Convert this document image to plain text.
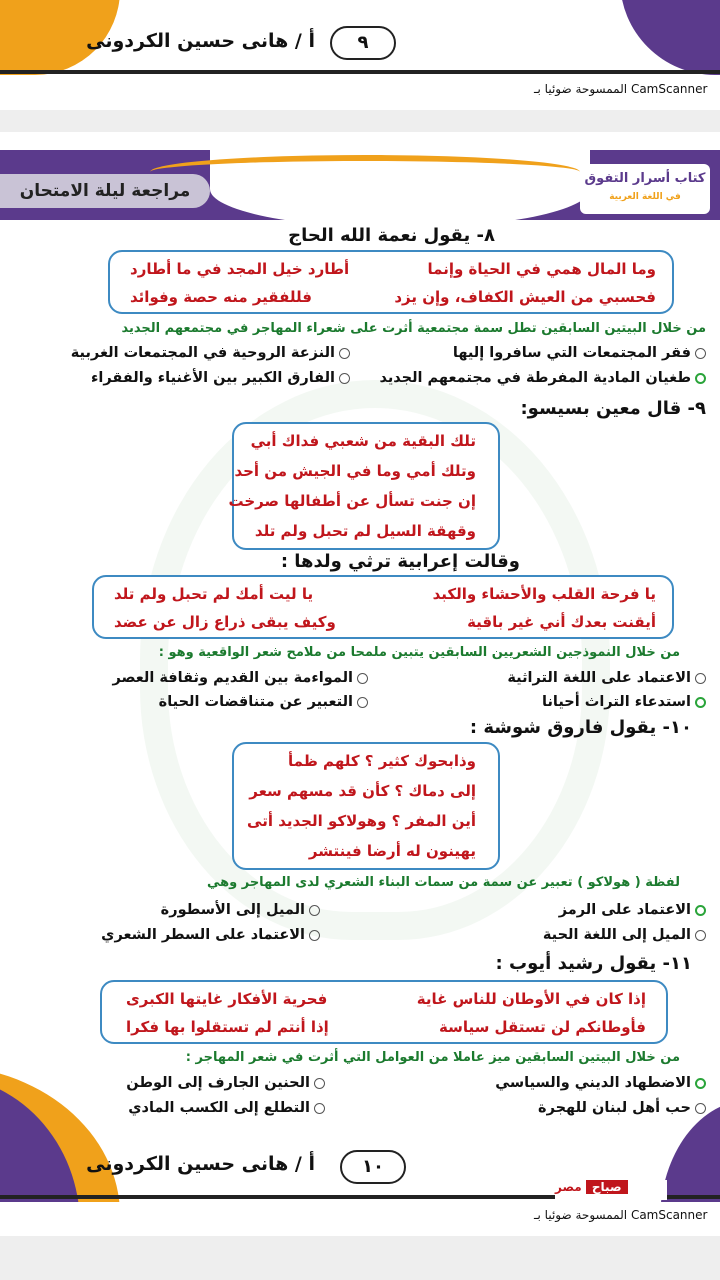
أ / هانى حسين الكردونى	٩
الممسوحة ضوئيا بـ CamScanner
مراجعة ليلة الامتحان
كتاب أسرار التفوق
في اللغة العربية
٨- يقول نعمة الله الحاج
وما المال همي في الحياة وإنما
أطارد خيل المجد في ما أطارد
فحسبي من العيش الكفاف، وإن يزد
فللفقير منه حصة وفوائد
من خلال البيتين السابقين تطل سمة مجتمعية أثرت على شعراء المهاجر في مجتمعهم الجديد
فقر المجتمعات التي سافروا إليها
النزعة الروحية في المجتمعات الغربية
طغيان المادية المفرطة في مجتمعهم الجديد
الفارق الكبير بين الأغنياء والفقراء
٩- قال معين بسيسو:
تلك البقية من شعبي فداك أبي
وتلك أمي وما في الجيش من أحد
إن جنت تسأل عن أطفالها صرخت
وقهقة السيل لم تحبل ولم تلد
وقالت إعرابية ترثي ولدها :
يا فرحة القلب والأحشاء والكبد
يا ليت أمك لم تحبل ولم تلد
أيقنت بعدك أني غير باقية
وكيف يبقى ذراع زال عن عضد
من خلال النموذجين الشعريين السابقين يتبين ملمحا من ملامح شعر الواقعية وهو :
الاعتماد على اللغة التراثية
المواءمة بين القديم وثقافة العصر
استدعاء التراث أحيانا
التعبير عن متناقضات الحياة
١٠- يقول فاروق شوشة :
وذابحوك كثير ؟ كلهم ظمأ
إلى دماك ؟ كأن قد مسهم سعر
أين المفر ؟ وهولاكو الجديد أتى
يهينون له أرضا فينتشر
لفظة ( هولاكو ) تعبير عن سمة من سمات البناء الشعري لدى المهاجر وهي
الاعتماد على الرمز
الميل إلى الأسطورة
الميل إلى اللغة الحية
الاعتماد على السطر الشعري
١١- يقول رشيد أيوب :
إذا كان في الأوطان للناس غاية
فحرية الأفكار غايتها الكبرى
فأوطانكم لن تستقل سياسة
إذا أنتم لم تستقلوا بها فكرا
من خلال البيتين السابقين ميز عاملا من العوامل التي أثرت في شعر المهاجر :
الاضطهاد الديني والسياسي
الحنين الجارف إلى الوطن
حب أهل لبنان للهجرة
التطلع إلى الكسب المادي
أ / هانى حسين الكردونى	١٠
صباح مصر
الممسوحة ضوئيا بـ CamScanner
